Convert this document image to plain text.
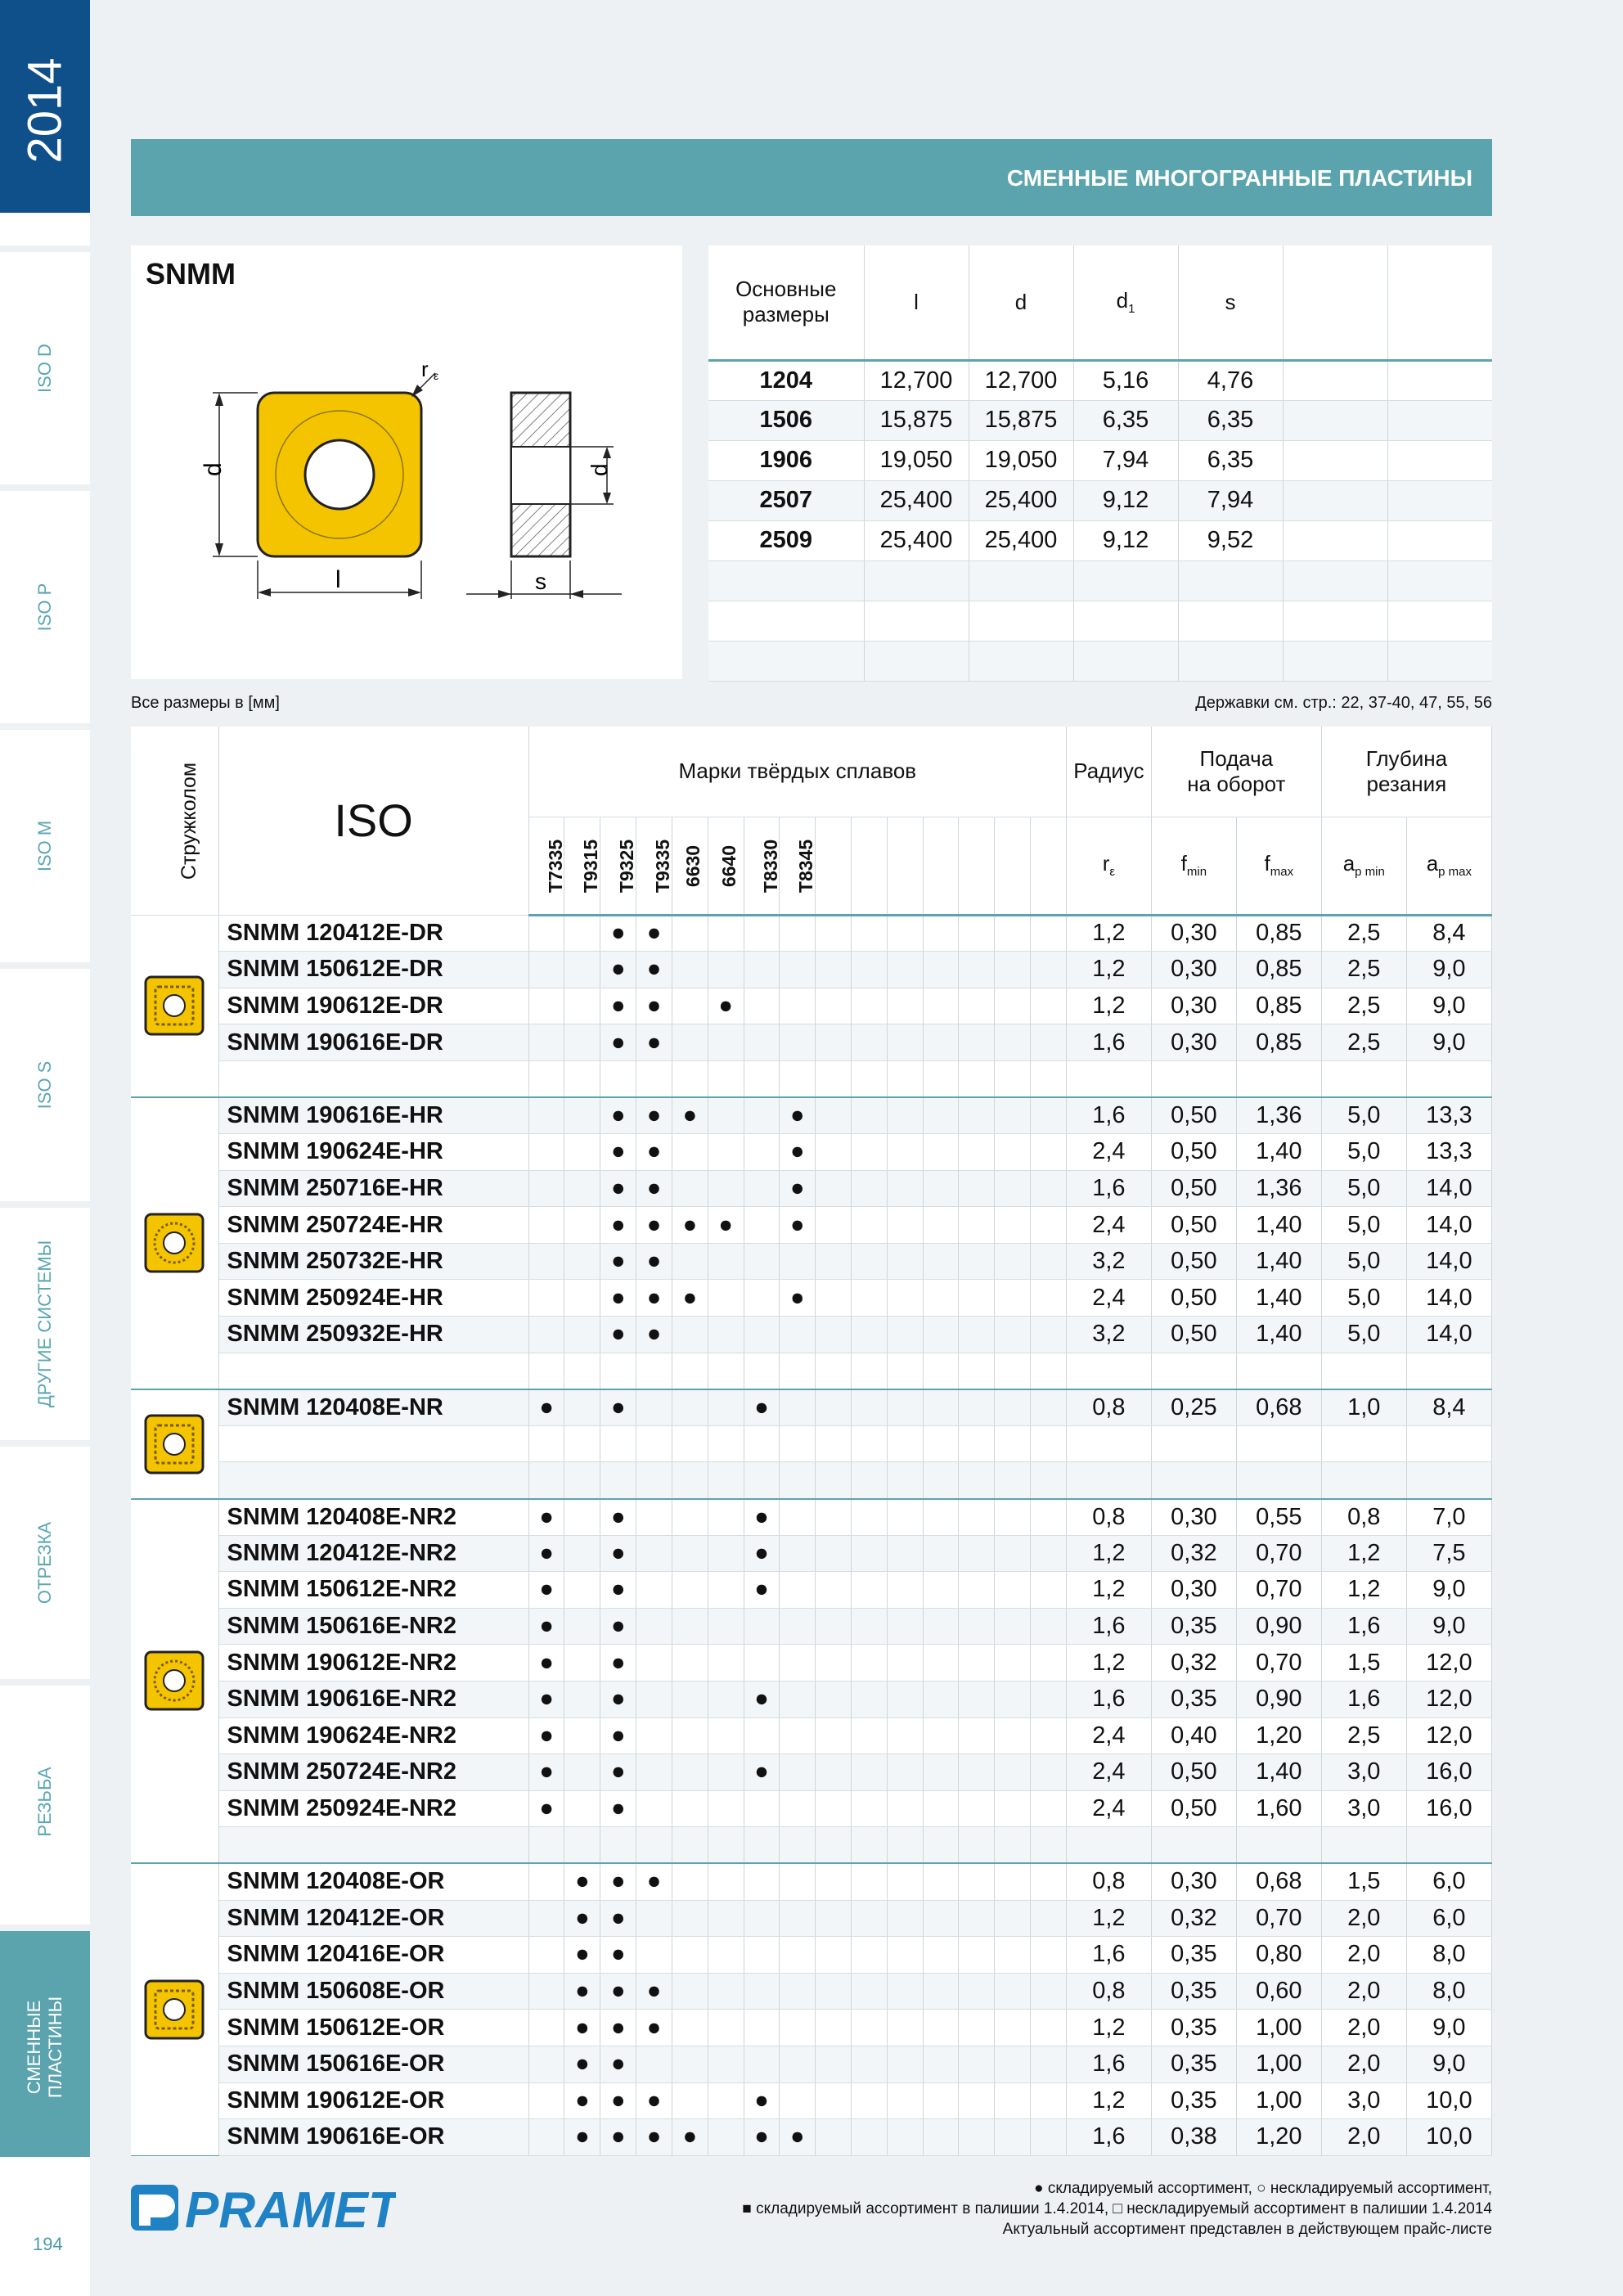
2014
ISO D
ISO P
ISO M
ISO S
ДРУГИЕ СИСТЕМЫ
ОТРЕЗКА
РЕЗЬБА
СМЕННЫЕ ПЛАСТИНЫ
194
СМЕННЫЕ МНОГОГРАННЫЕ ПЛАСТИНЫ
SNMM
d
l
r ε
d
s
Основные
размеры	l	d	$d_1$	s		
1204	12,700	12,700	5,16	4,76		
1506	15,875	15,875	6,35	6,35		
1906	19,050	19,050	7,94	6,35		
2507	25,400	25,400	9,12	7,94		
2509	25,400	25,400	9,12	9,52		

Все размеры в [мм]	Державки см. стр.: 22, 37-40, 47, 55, 56
Стружколом	ISO	Марки твёрдых сплавов															Радиус	Подача
на оборот		Глубина
резания	
		T7335	T9315	T9325	T9335	6630	6640	T8330	T8345								$r_\varepsilon$	$f_{min}$	$f_{max}$	$a_{p min}$	$a_{p max}$

	SNMM 120412E-DR			●	●												1,2	0,30	0,85	2,5	8,4
	SNMM 150612E-DR			●	●												1,2	0,30	0,85	2,5	9,0
	SNMM 190612E-DR			●	●		●										1,2	0,30	0,85	2,5	9,0
	SNMM 190616E-DR			●	●												1,6	0,30	0,85	2,5	9,0

	SNMM 190616E-HR			●	●	●			●								1,6	0,50	1,36	5,0	13,3
	SNMM 190624E-HR			●	●				●								2,4	0,50	1,40	5,0	13,3
	SNMM 250716E-HR			●	●				●								1,6	0,50	1,36	5,0	14,0
	SNMM 250724E-HR			●	●	●	●		●								2,4	0,50	1,40	5,0	14,0
	SNMM 250732E-HR			●	●												3,2	0,50	1,40	5,0	14,0
	SNMM 250924E-HR			●	●	●			●								2,4	0,50	1,40	5,0	14,0
	SNMM 250932E-HR			●	●												3,2	0,50	1,40	5,0	14,0

	SNMM 120408E-NR	●		●				●									0,8	0,25	0,68	1,0	8,4

	SNMM 120408E-NR2	●		●				●									0,8	0,30	0,55	0,8	7,0
	SNMM 120412E-NR2	●		●				●									1,2	0,32	0,70	1,2	7,5
	SNMM 150612E-NR2	●		●				●									1,2	0,30	0,70	1,2	9,0
	SNMM 150616E-NR2	●		●													1,6	0,35	0,90	1,6	9,0
	SNMM 190612E-NR2	●		●													1,2	0,32	0,70	1,5	12,0
	SNMM 190616E-NR2	●		●				●									1,6	0,35	0,90	1,6	12,0
	SNMM 190624E-NR2	●		●													2,4	0,40	1,20	2,5	12,0
	SNMM 250724E-NR2	●		●				●									2,4	0,50	1,40	3,0	16,0
	SNMM 250924E-NR2	●		●													2,4	0,50	1,60	3,0	16,0

	SNMM 120408E-OR		●	●	●												0,8	0,30	0,68	1,5	6,0
	SNMM 120412E-OR		●	●													1,2	0,32	0,70	2,0	6,0
	SNMM 120416E-OR		●	●													1,6	0,35	0,80	2,0	8,0
	SNMM 150608E-OR		●	●	●												0,8	0,35	0,60	2,0	8,0
	SNMM 150612E-OR		●	●	●												1,2	0,35	1,00	2,0	9,0
	SNMM 150616E-OR		●	●													1,6	0,35	1,00	2,0	9,0
	SNMM 190612E-OR		●	●	●			●									1,2	0,35	1,00	3,0	10,0
	SNMM 190616E-OR		●	●	●	●		●	●								1,6	0,38	1,20	2,0	10,0
PRAMET	● складируемый ассортимент, ○ нескладируемый ассортимент,
■ складируемый ассортимент в палишии 1.4.2014, □ нескладируемый ассортимент в палишии 1.4.2014
Актуальный ассортимент представлен в действующем прайс-листе
